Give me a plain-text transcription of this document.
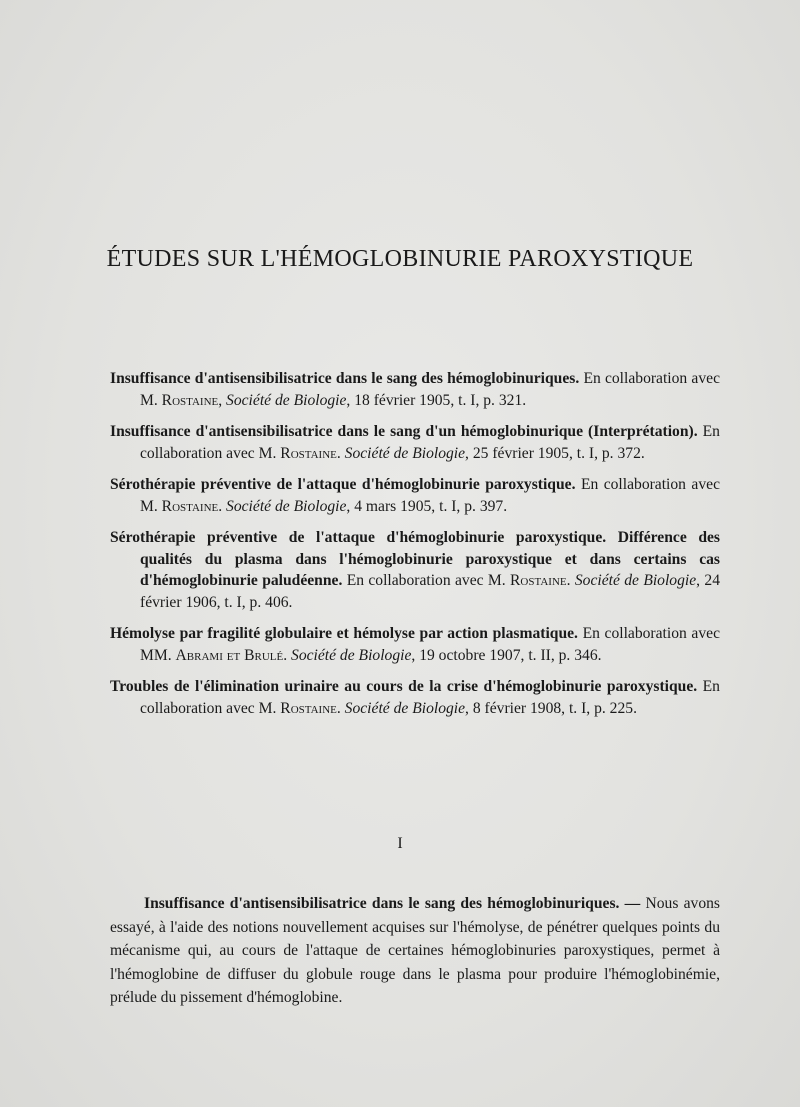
ÉTUDES SUR L'HÉMOGLOBINURIE PAROXYSTIQUE

Insuffisance d'antisensibilisatrice dans le sang des hémoglobinuriques. En collaboration avec M. Rostaine, Société de Biologie, 18 février 1905, t. I, p. 321.

Insuffisance d'antisensibilisatrice dans le sang d'un hémoglobinurique (Interprétation). En collaboration avec M. Rostaine. Société de Biologie, 25 février 1905, t. I, p. 372.

Sérothérapie préventive de l'attaque d'hémoglobinurie paroxystique. En collaboration avec M. Rostaine. Société de Biologie, 4 mars 1905, t. I, p. 397.

Sérothérapie préventive de l'attaque d'hémoglobinurie paroxystique. Différence des qualités du plasma dans l'hémoglobinurie paroxystique et dans certains cas d'hémoglobinurie paludéenne. En collaboration avec M. Rostaine. Société de Biologie, 24 février 1906, t. I, p. 406.

Hémolyse par fragilité globulaire et hémolyse par action plasmatique. En collaboration avec MM. Abrami et Brulé. Société de Biologie, 19 octobre 1907, t. II, p. 346.

Troubles de l'élimination urinaire au cours de la crise d'hémoglobinurie paroxystique. En collaboration avec M. Rostaine. Société de Biologie, 8 février 1908, t. I, p. 225.

I

Insuffisance d'antisensibilisatrice dans le sang des hémoglobinuriques. — Nous avons essayé, à l'aide des notions nouvellement acquises sur l'hémolyse, de pénétrer quelques points du mécanisme qui, au cours de l'attaque de certaines hémoglobinuries paroxystiques, permet à l'hémoglobine de diffuser du globule rouge dans le plasma pour produire l'hémoglobinémie, prélude du pissement d'hémoglobine.
